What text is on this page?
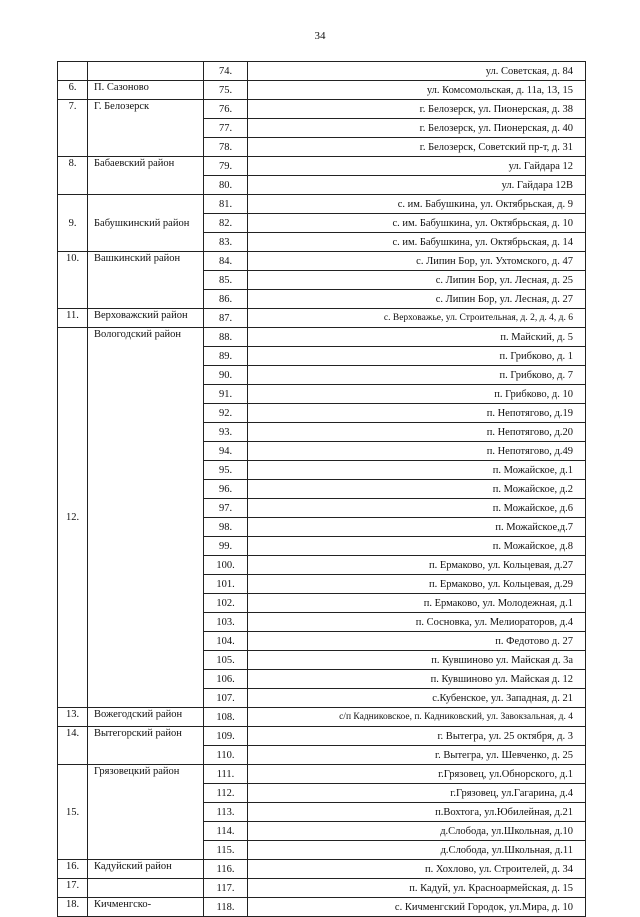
34
		74.	ул. Советская, д. 84
6.	П. Сазоново	75.	ул. Комсомольская, д. 11а, 13, 15
7.	Г. Белозерск	76.	г. Белозерск, ул. Пионерская, д. 38
		77.	г. Белозерск, ул. Пионерская, д. 40
		78.	г. Белозерск, Советский пр-т, д. 31
8.	Бабаевский район	79.	ул. Гайдара 12
		80.	ул. Гайдара 12В
9.	Бабушкинский район	81.	с. им. Бабушкина, ул. Октябрьская, д. 9
		82.	с. им. Бабушкина, ул. Октябрьская, д. 10
		83.	с. им. Бабушкина, ул. Октябрьская, д. 14
10.	Вашкинский район	84.	с. Липин Бор, ул. Ухтомского, д. 47
		85.	с. Липин Бор, ул. Лесная, д. 25
		86.	с. Липин Бор, ул. Лесная, д. 27
11.	Верховажский район	87.	с. Верховажье, ул. Строительная, д. 2, д. 4, д. 6
12.	Вологодский район	88.	п. Майский, д. 5
		89.	п. Грибково, д. 1
		90.	п. Грибково, д. 7
		91.	п. Грибково, д. 10
		92.	п. Непотягово, д.19
		93.	п. Непотягово, д.20
		94.	п. Непотягово, д.49
		95.	п. Можайское, д.1
		96.	п. Можайское, д.2
		97.	п. Можайское, д.6
		98.	п. Можайское,д.7
		99.	п. Можайское, д.8
		100.	п. Ермаково, ул. Кольцевая, д.27
		101.	п. Ермаково, ул. Кольцевая, д.29
		102.	п. Ермаково, ул. Молодежная, д.1
		103.	п. Сосновка, ул. Мелиораторов, д.4
		104.	п. Федотово д. 27
		105.	п. Кувшиново ул. Майская д. 3а
		106.	п. Кувшиново ул. Майская д. 12
		107.	с.Кубенское, ул. Западная, д. 21
13.	Вожегодский район	108.	с/п Кадниковское, п. Кадниковский, ул. Завокзальная, д. 4
14.	Вытегорский район	109.	г. Вытегра, ул. 25 октября, д. 3
		110.	г. Вытегра, ул. Шевченко, д. 25
15.	Грязовецкий район	111.	г.Грязовец, ул.Обнорского, д.1
		112.	г.Грязовец, ул.Гагарина, д.4
		113.	п.Вохтога, ул.Юбилейная, д.21
		114.	д.Слобода, ул.Школьная, д.10
		115.	д.Слобода, ул.Школьная, д.11
16.	Кадуйский район	116.	п. Хохлово, ул. Строителей, д. 34
17.		117.	п. Кадуй, ул. Красноармейская, д. 15
18.	Кичменгско-	118.	с. Кичменгский Городок, ул.Мира, д. 10
